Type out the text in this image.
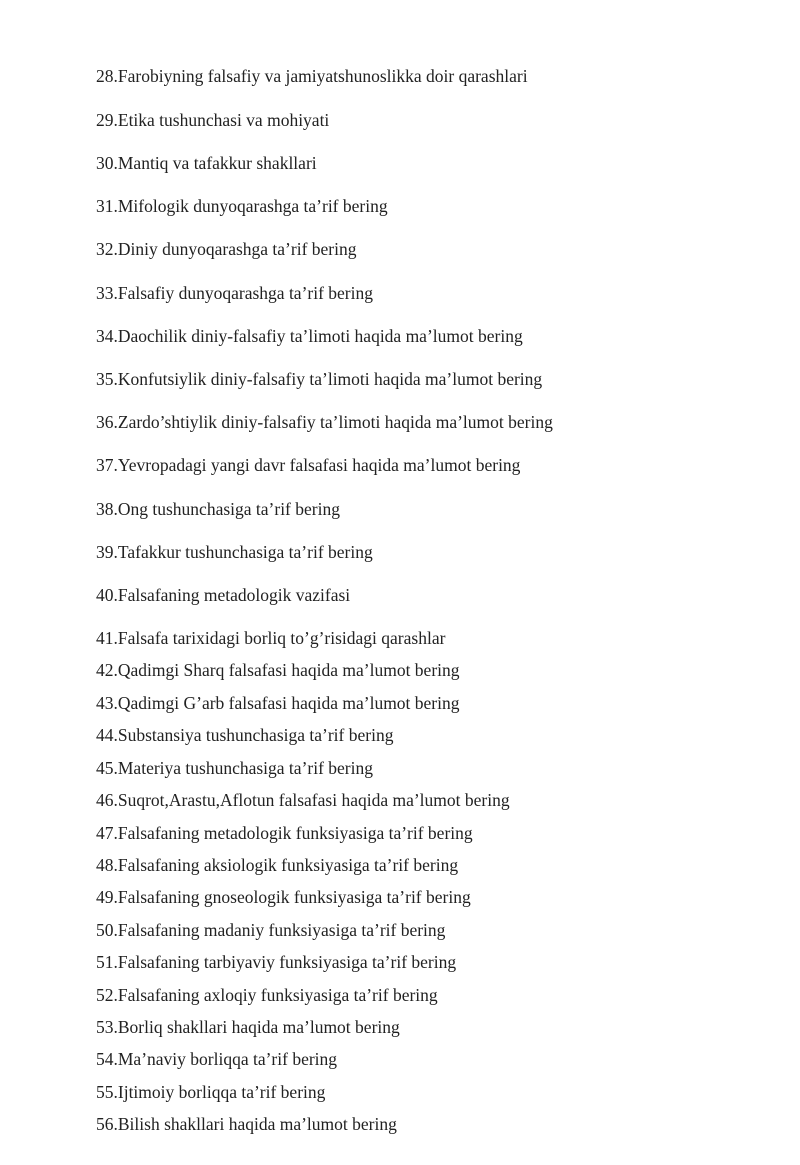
28.Farobiyning falsafiy va jamiyatshunoslikka doir qarashlari
29.Etika tushunchasi va mohiyati
30.Mantiq va tafakkur shakllari
31.Mifologik dunyoqarashga ta’rif bering
32.Diniy dunyoqarashga ta’rif bering
33.Falsafiy dunyoqarashga ta’rif bering
34.Daochilik diniy-falsafiy ta’limoti haqida ma’lumot bering
35.Konfutsiylik diniy-falsafiy ta’limoti haqida ma’lumot bering
36.Zardo’shtiylik diniy-falsafiy ta’limoti haqida ma’lumot bering
37.Yevropadagi yangi davr falsafasi haqida ma’lumot bering
38.Ong tushunchasiga ta’rif bering
39.Tafakkur tushunchasiga ta’rif bering
40.Falsafaning metadologik vazifasi
41.Falsafa tarixidagi borliq to’g’risidagi qarashlar
42.Qadimgi Sharq falsafasi haqida ma’lumot bering
43.Qadimgi G’arb falsafasi haqida ma’lumot bering
44.Substansiya tushunchasiga ta’rif bering
45.Materiya tushunchasiga ta’rif bering
46.Suqrot,Arastu,Aflotun falsafasi haqida ma’lumot bering
47.Falsafaning metadologik funksiyasiga ta’rif bering
48.Falsafaning aksiologik funksiyasiga ta’rif bering
49.Falsafaning gnoseologik funksiyasiga ta’rif bering
50.Falsafaning madaniy funksiyasiga ta’rif bering
51.Falsafaning tarbiyaviy funksiyasiga ta’rif bering
52.Falsafaning axloqiy funksiyasiga ta’rif bering
53.Borliq shakllari haqida ma’lumot bering
54.Ma’naviy borliqqa ta’rif bering
55.Ijtimoiy borliqqa ta’rif bering
56.Bilish shakllari haqida ma’lumot bering
